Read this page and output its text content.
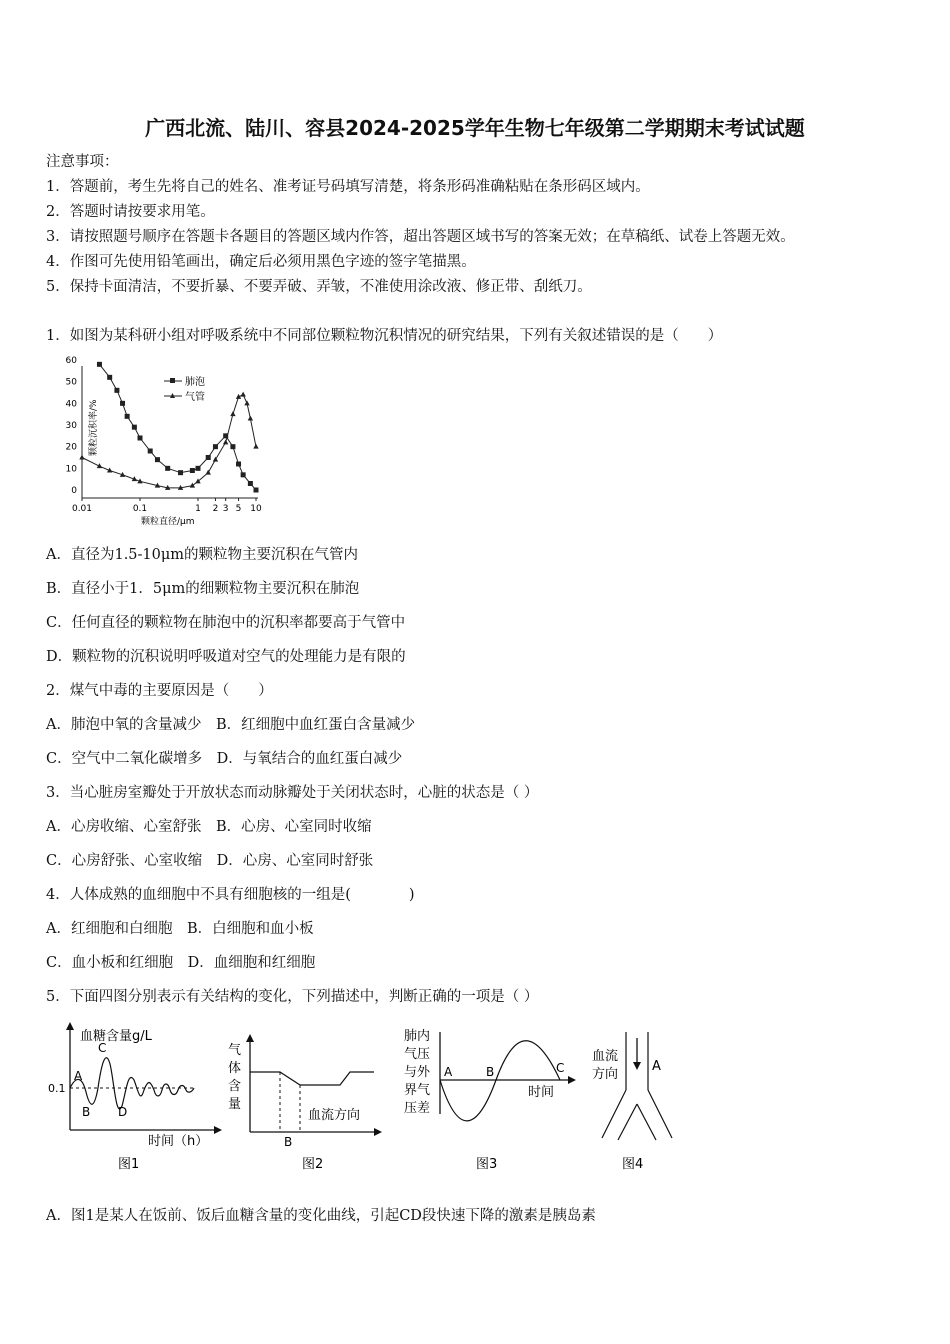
广西北流、陆川、容县2024-2025学年生物七年级第二学期期末考试试题
注意事项：
1．答题前，考生先将自己的姓名、准考证号码填写清楚，将条形码准确粘贴在条形码区域内。
2．答题时请按要求用笔。
3．请按照题号顺序在答题卡各题目的答题区域内作答，超出答题区域书写的答案无效；在草稿纸、试卷上答题无效。
4．作图可先使用铅笔画出，确定后必须用黑色字迹的签字笔描黑。
5．保持卡面清洁，不要折暴、不要弄破、弄皱，不准使用涂改液、修正带、刮纸刀。
1．如图为某科研小组对呼吸系统中不同部位颗粒物沉积情况的研究结果，下列有关叙述错误的是（　　）
0
10
20
30
40
50
60
0.01	0.1	1 2 3 5 10
颗粒沉积率/%
颗粒直径/μm
肺泡
气管
A．直径为1.5-10μm的颗粒物主要沉积在气管内
B．直径小于1．5μm的细颗粒物主要沉积在肺泡
C．任何直径的颗粒物在肺泡中的沉积率都要高于气管中
D．颗粒物的沉积说明呼吸道对空气的处理能力是有限的
2．煤气中毒的主要原因是（　　）
A．肺泡中氧的含量减少　B．红细胞中血红蛋白含量减少
C．空气中二氧化碳增多　D．与氧结合的血红蛋白减少
3．当心脏房室瓣处于开放状态而动脉瓣处于关闭状态时，心脏的状态是（ ）
A．心房收缩、心室舒张　B．心房、心室同时收缩
C．心房舒张、心室收缩　D．心房、心室同时舒张
4．人体成熟的血细胞中不具有细胞核的一组是(　　　　)
A．红细胞和白细胞　B．白细胞和血小板
C．血小板和红细胞　D．血细胞和红细胞
5．下面四图分别表示有关结构的变化，下列描述中，判断正确的一项是（ ）
血糖含量g/L
0.1
A
B
C
D
时间（h）
图1
气
体
含
量
血流方向
B
图2
肺内
气压
与外
界气
压差
A	B	C
时间
图3
血流
方向
A
图4
A．图1是某人在饭前、饭后血糖含量的变化曲线，引起CD段快速下降的激素是胰岛素
